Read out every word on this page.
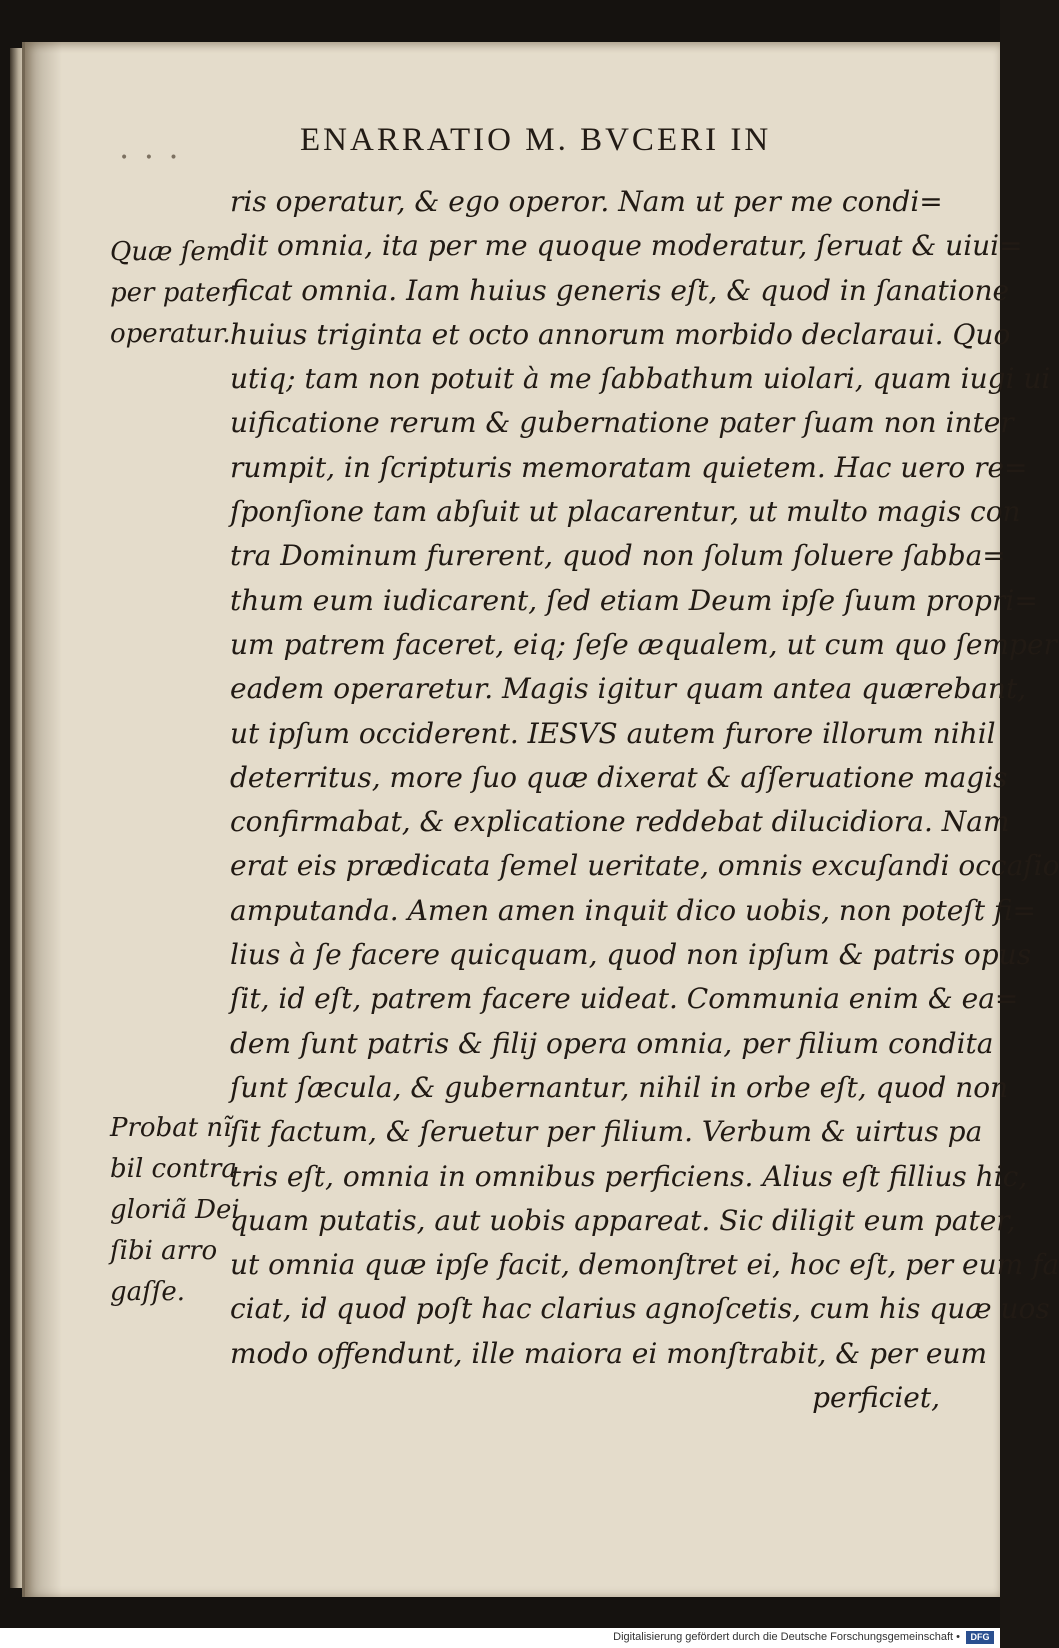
• • •	ENARRATIO M. BVCERI IN
Quæ ſem
per pater
operatur.
Probat nĩ
bil contra
gloriã Dei
ſibi arro
gaſſe.
ris operatur, & ego operor. Nam ut per me condi=
dit omnia, ita per me quoque moderatur, ſeruat & uiui=
ficat omnia. Iam huius generis eſt, & quod in ſanatione
huius triginta et octo annorum morbido declaraui. Quo
utiq; tam non potuit à me ſabbathum uiolari, quam iugi ui
uificatione rerum & gubernatione pater ſuam non inter
rumpit, in ſcripturis memoratam quietem. Hac uero re=
ſponſione tam abſuit ut placarentur, ut multo magis con
tra Dominum furerent, quod non ſolum ſoluere ſabba=
thum eum iudicarent, ſed etiam Deum ipſe ſuum propri=
um patrem faceret, eiq; ſeſe æqualem, ut cum quo ſemper
eadem operaretur. Magis igitur quam antea quærebant,
ut ipſum occiderent. IESVS autem furore illorum nihil
deterritus, more ſuo quæ dixerat & aſſeruatione magis
confirmabat, & explicatione reddebat dilucidiora. Nam
erat eis prædicata ſemel ueritate, omnis excuſandi occaſio
amputanda. Amen amen inquit dico uobis, non poteſt fi=
lius à ſe facere quicquam, quod non ipſum & patris opus
ſit, id eſt, patrem facere uideat. Communia enim & ea=
dem ſunt patris & filij opera omnia, per filium condita
ſunt ſæcula, & gubernantur, nihil in orbe eſt, quod non
ſit factum, & ſeruetur per filium. Verbum & uirtus pa
tris eſt, omnia in omnibus perficiens. Alius eſt fillius hic,
quam putatis, aut uobis appareat. Sic diligit eum pater,
ut omnia quæ ipſe facit, demonſtret ei, hoc eſt, per eum fa
ciat, id quod poſt hac clarius agnoſcetis, cum his quæ uos
modo offendunt, ille maiora ei monſtrabit, & per eum
perficiet,
Digitalisierung gefördert durch die Deutsche Forschungsgemeinschaft •	DFG
